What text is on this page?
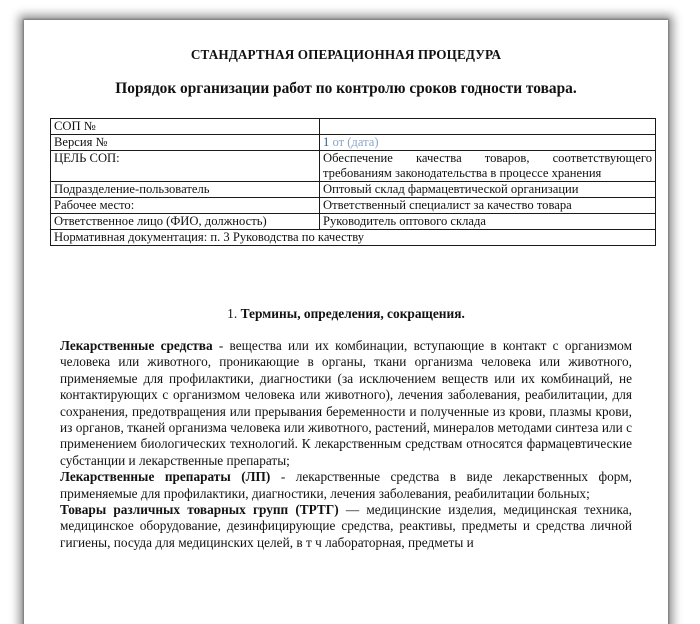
СТАНДАРТНАЯ ОПЕРАЦИОННАЯ ПРОЦЕДУРА
Порядок организации работ по контролю сроков годности товара.
СОП №	
Версия №	1 от (дата)
ЦЕЛЬ СОП:	Обеспечение качества товаров, соответствующего требованиям законодательства в процессе хранения
Подразделение-пользователь	Оптовый склад фармацевтической организации
Рабочее место:	Ответственный специалист за качество товара
Ответственное лицо (ФИО, должность)	Руководитель оптового склада
Нормативная документация: п. 3 Руководства по качеству	
1. Термины, определения, сокращения.

Лекарственные средства - вещества или их комбинации, вступающие в контакт с организмом человека или животного, проникающие в органы, ткани организма человека или животного, применяемые для профилактики, диагностики (за исключением веществ или их комбинаций, не контактирующих с организмом человека или животного), лечения заболевания, реабилитации, для сохранения, предотвращения или прерывания беременности и полученные из крови, плазмы крови, из органов, тканей организма человека или животного, растений, минералов методами синтеза или с применением биологических технологий. К лекарственным средствам относятся фармацевтические субстанции и лекарственные препараты;

Лекарственные препараты (ЛП) - лекарственные средства в виде лекарственных форм, применяемые для профилактики, диагностики, лечения заболевания, реабилитации больных;

Товары различных товарных групп (ТРТГ) — медицинские изделия, медицинская техника, медицинское оборудование, дезинфицирующие средства, реактивы, предметы и средства личной гигиены, посуда для медицинских целей, в т ч лабораторная, предметы и
